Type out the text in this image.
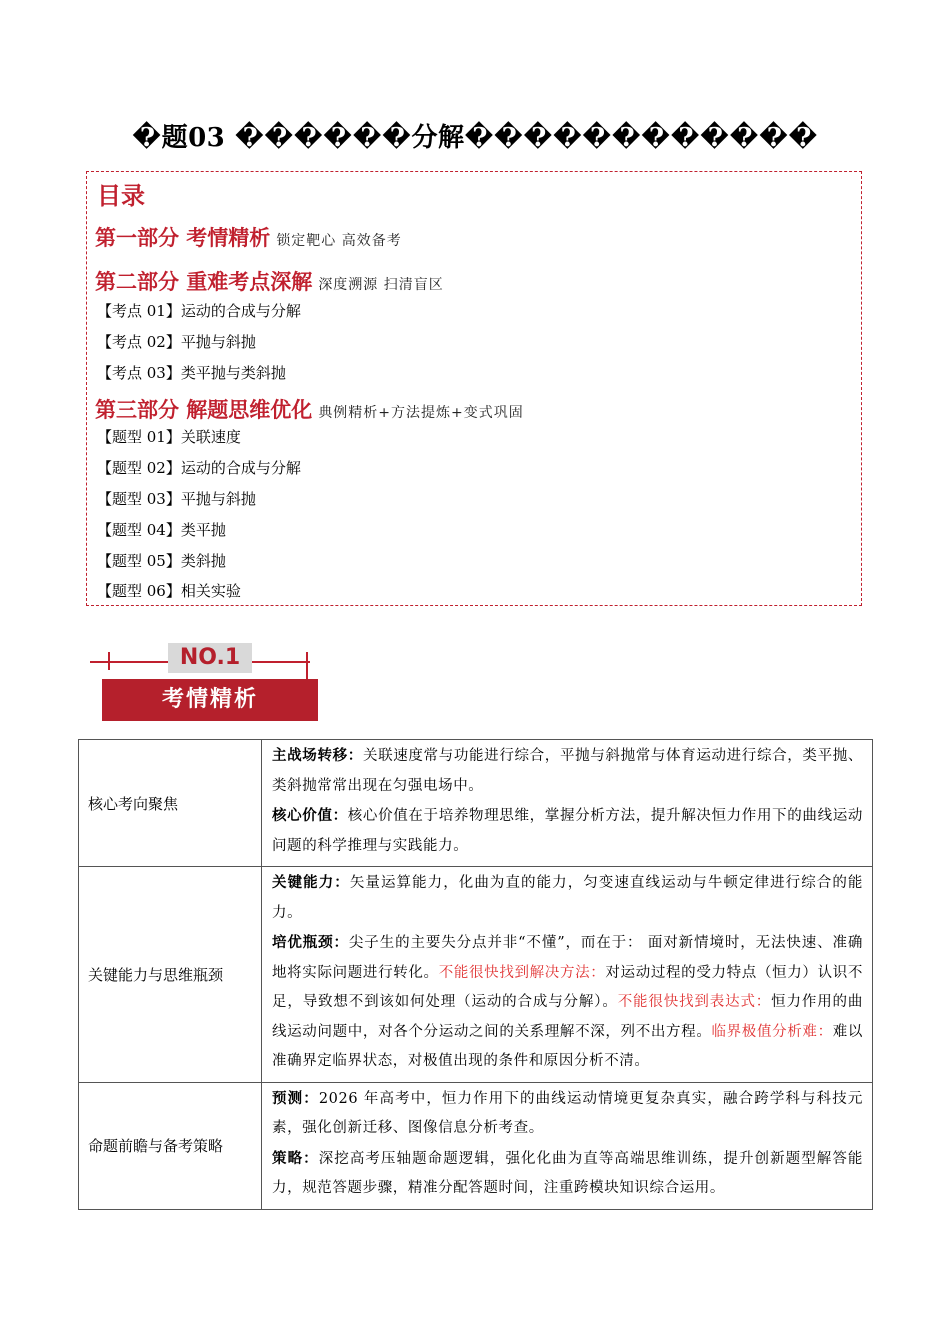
�题03 ������分解������������
目录
第一部分 考情精析 锁定靶心 高效备考
第二部分 重难考点深解 深度溯源 扫清盲区
【考点 01】运动的合成与分解
【考点 02】平抛与斜抛
【考点 03】类平抛与类斜抛
第三部分 解题思维优化 典例精析+方法提炼+变式巩固
【题型 01】关联速度
【题型 02】运动的合成与分解
【题型 03】平抛与斜抛
【题型 04】类平抛
【题型 05】类斜抛
【题型 06】相关实验
NO.1
考情精析
核心考向聚焦	主战场转移：关联速度常与功能进行综合，平抛与斜抛常与体育运动进行综合，类平抛、类斜抛常常出现在匀强电场中。

核心价值：核心价值在于培养物理思维，掌握分析方法，提升解决恒力作用下的曲线运动问题的科学推理与实践能力。

关键能力与思维瓶颈	关键能力：矢量运算能力，化曲为直的能力，匀变速直线运动与牛顿定律进行综合的能力。

培优瓶颈：尖子生的主要失分点并非“不懂”，而在于： 面对新情境时，无法快速、准确地将实际问题进行转化。不能很快找到解决方法：对运动过程的受力特点（恒力）认识不足，导致想不到该如何处理（运动的合成与分解）。不能很快找到表达式：恒力作用的曲线运动问题中，对各个分运动之间的关系理解不深，列不出方程。临界极值分析难：难以准确界定临界状态，对极值出现的条件和原因分析不清。

命题前瞻与备考策略	预测：2026 年高考中，恒力作用下的曲线运动情境更复杂真实，融合跨学科与科技元素，强化创新迁移、图像信息分析考查。

策略：深挖高考压轴题命题逻辑，强化化曲为直等高端思维训练，提升创新题型解答能力，规范答题步骤，精准分配答题时间，注重跨模块知识综合运用。
